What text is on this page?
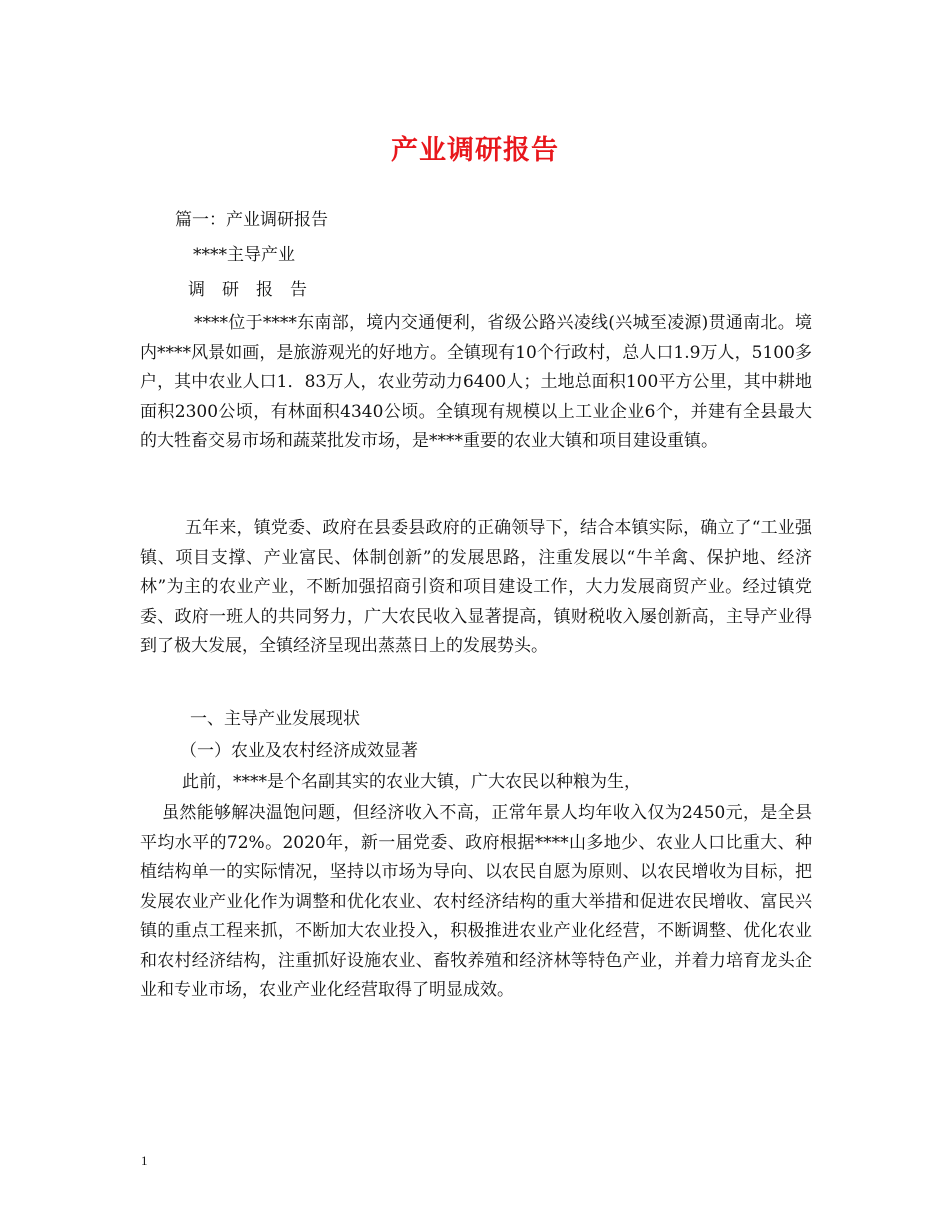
产业调研报告
篇一：产业调研报告
****主导产业
调　研　报　告

****位于****东南部，境内交通便利，省级公路兴凌线(兴城至凌源)贯通南北。境内****风景如画，是旅游观光的好地方。全镇现有10个行政村，总人口1.9万人，5100多户，其中农业人口1．83万人，农业劳动力6400人；土地总面积100平方公里，其中耕地面积2300公顷，有林面积4340公顷。全镇现有规模以上工业企业6个，并建有全县最大的大牲畜交易市场和蔬菜批发市场，是****重要的农业大镇和项目建设重镇。

五年来，镇党委、政府在县委县政府的正确领导下，结合本镇实际，确立了“工业强镇、项目支撑、产业富民、体制创新”的发展思路，注重发展以“牛羊禽、保护地、经济林”为主的农业产业，不断加强招商引资和项目建设工作，大力发展商贸产业。经过镇党委、政府一班人的共同努力，广大农民收入显著提高，镇财税收入屡创新高，主导产业得到了极大发展，全镇经济呈现出蒸蒸日上的发展势头。

一、主导产业发展现状
（一）农业及农村经济成效显著
此前，****是个名副其实的农业大镇，广大农民以种粮为生，

虽然能够解决温饱问题，但经济收入不高，正常年景人均年收入仅为2450元，是全县平均水平的72%。2020年，新一届党委、政府根据****山多地少、农业人口比重大、种植结构单一的实际情况，坚持以市场为导向、以农民自愿为原则、以农民增收为目标，把发展农业产业化作为调整和优化农业、农村经济结构的重大举措和促进农民增收、富民兴镇的重点工程来抓，不断加大农业投入，积极推进农业产业化经营，不断调整、优化农业和农村经济结构，注重抓好设施农业、畜牧养殖和经济林等特色产业，并着力培育龙头企业和专业市场，农业产业化经营取得了明显成效。

1
